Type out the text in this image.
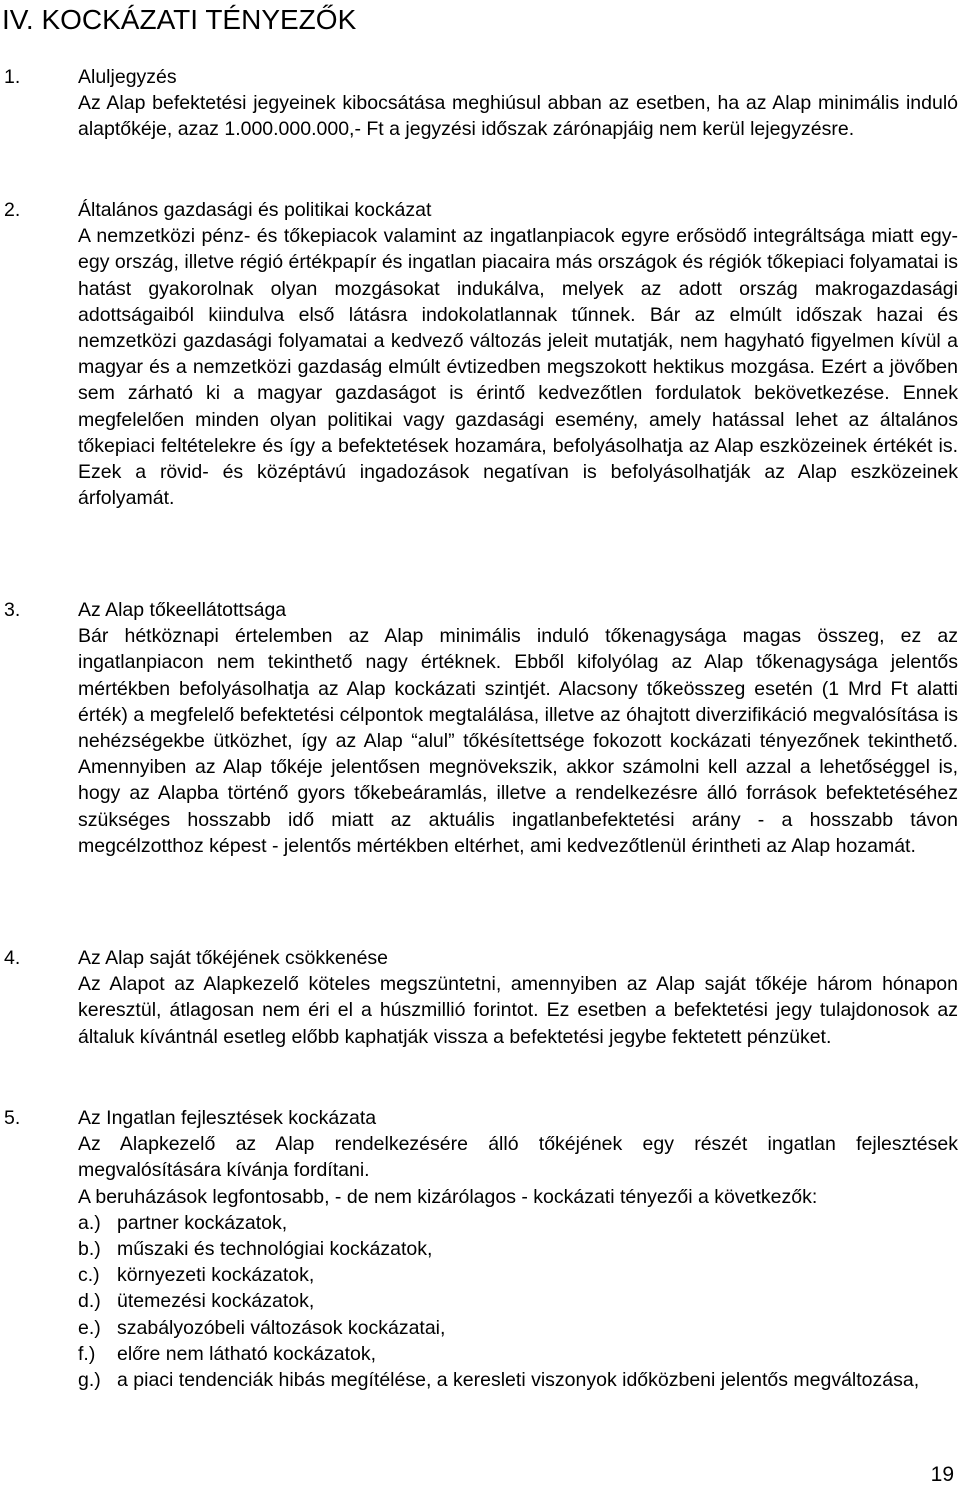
IV. KOCKÁZATI TÉNYEZŐK
1.	Aluljegyzés

Az Alap befektetési jegyeinek kibocsátása meghiúsul abban az esetben, ha az Alap minimális induló alaptőkéje, azaz 1.000.000.000,- Ft a jegyzési időszak zárónapjáig nem kerül lejegyzésre.

2.	Általános gazdasági és politikai kockázat

A nemzetközi pénz- és tőkepiacok valamint az ingatlanpiacok egyre erősödő integráltsága miatt egy-egy ország, illetve régió értékpapír és ingatlan piacaira más országok és régiók tőkepiaci folyamatai is hatást gyakorolnak olyan mozgásokat indukálva, melyek az adott ország makrogazdasági adottságaiból kiindulva első látásra indokolatlannak tűnnek. Bár az elmúlt időszak hazai és nemzetközi gazdasági folyamatai a kedvező változás jeleit mutatják, nem hagyható figyelmen kívül a magyar és a nemzetközi gazdaság elmúlt évtizedben megszokott hektikus mozgása. Ezért a jövőben sem zárható ki a magyar gazdaságot is érintő kedvezőtlen fordulatok bekövetkezése. Ennek megfelelően minden olyan politikai vagy gazdasági esemény, amely hatással lehet az általános tőkepiaci feltételekre és így a befektetések hozamára, befolyásolhatja az Alap eszközeinek értékét is. Ezek a rövid- és középtávú ingadozások negatívan is befolyásolhatják az Alap eszközeinek árfolyamát.

3.	Az Alap tőkeellátottsága

Bár hétköznapi értelemben az Alap minimális induló tőkenagysága magas összeg, ez az ingatlanpiacon nem tekinthető nagy értéknek. Ebből kifolyólag az Alap tőkenagysága jelentős mértékben befolyásolhatja az Alap kockázati szintjét. Alacsony tőkeösszeg esetén (1 Mrd Ft alatti érték) a megfelelő befektetési célpontok megtalálása, illetve az óhajtott diverzifikáció megvalósítása is nehézségekbe ütközhet, így az Alap “alul” tőkésítettsége fokozott kockázati tényezőnek tekinthető. Amennyiben az Alap tőkéje jelentősen megnövekszik, akkor számolni kell azzal a lehetőséggel is, hogy az Alapba történő gyors tőkebeáramlás, illetve a rendelkezésre álló források befektetéséhez szükséges hosszabb idő miatt az aktuális ingatlanbefektetési arány - a hosszabb távon megcélzotthoz képest - jelentős mértékben eltérhet, ami kedvezőtlenül érintheti az Alap hozamát.

4.	Az Alap saját tőkéjének csökkenése

Az Alapot az Alapkezelő köteles megszüntetni, amennyiben az Alap saját tőkéje három hónapon keresztül, átlagosan nem éri el a húszmillió forintot. Ez esetben a befektetési jegy tulajdonosok az általuk kívántnál esetleg előbb kaphatják vissza a befektetési jegybe fektetett pénzüket.

5.	Az Ingatlan fejlesztések kockázata

Az Alapkezelő az Alap rendelkezésére álló tőkéjének egy részét ingatlan fejlesztések megvalósítására kívánja fordítani.

A beruházások legfontosabb, - de nem kizárólagos - kockázati tényezői a következők:

a.) partner kockázatok,
b.) műszaki és technológiai kockázatok,
c.) környezeti kockázatok,
d.) ütemezési kockázatok,
e.) szabályozóbeli változások kockázatai,
f.) előre nem látható kockázatok,
g.) a piaci tendenciák hibás megítélése, a keresleti viszonyok időközbeni jelentős megváltozása,
19
